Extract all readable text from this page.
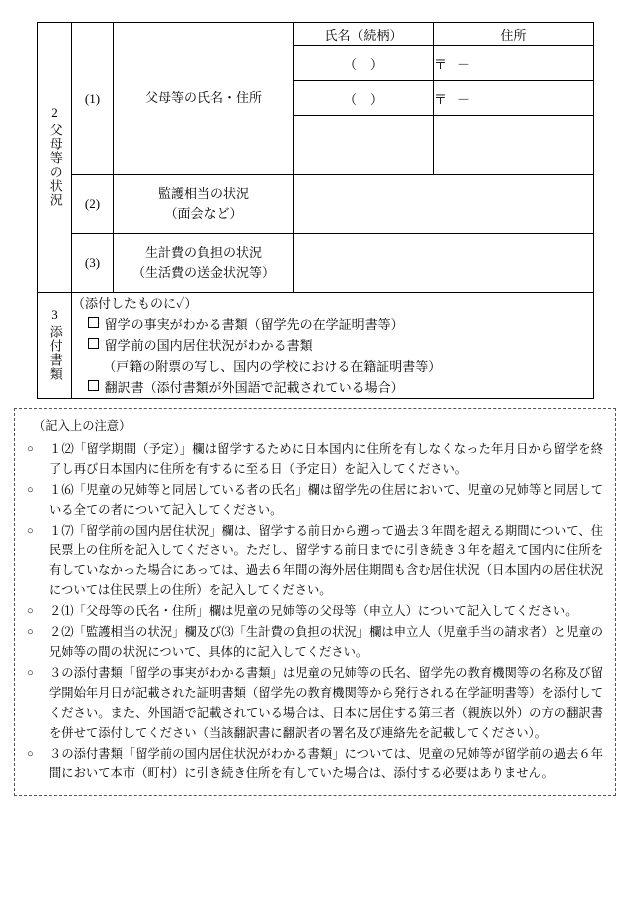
2
父母等の状況	(1)	父母等の氏名・住所	氏名（続柄）	住所
			（　）	〒－
			（　）	〒－

	(2)	監護相当の状況
（面会など）		

	(3)	生計費の負担の状況
（生活費の送金状況等）		

3
添付書類	
（添付したものに✓）
留学の事実がわかる書類（留学先の在学証明書等）
留学前の国内居住状況がわかる書類
（戸籍の附票の写し、国内の学校における在籍証明書等）
翻訳書（添付書類が外国語で記載されている場合）
（記入上の注意）
○	１⑵「留学期間（予定）」欄は留学するために日本国内に住所を有しなくなった年月日から留学を終了し再び日本国内に住所を有するに至る日（予定日）を記入してください。
○	１⑹「児童の兄姉等と同居している者の氏名」欄は留学先の住居において、児童の兄姉等と同居している全ての者について記入してください。
○	１⑺「留学前の国内居住状況」欄は、留学する前日から遡って過去３年間を超える期間について、住民票上の住所を記入してください。ただし、留学する前日までに引き続き３年を超えて国内に住所を有していなかった場合にあっては、過去６年間の海外居住期間も含む居住状況（日本国内の居住状況については住民票上の住所）を記入してください。
○	２⑴「父母等の氏名・住所」欄は児童の兄姉等の父母等（申立人）について記入してください。
○	２⑵「監護相当の状況」欄及び⑶「生計費の負担の状況」欄は申立人（児童手当の請求者）と児童の兄姉等の間の状況について、具体的に記入してください。
○	３の添付書類「留学の事実がわかる書類」は児童の兄姉等の氏名、留学先の教育機関等の名称及び留学開始年月日が記載された証明書類（留学先の教育機関等から発行される在学証明書等）を添付してください。また、外国語で記載されている場合は、日本に居住する第三者（親族以外）の方の翻訳書を併せて添付してください（当該翻訳書に翻訳者の署名及び連絡先を記載してください）。
○	３の添付書類「留学前の国内居住状況がわかる書類」については、児童の兄姉等が留学前の過去６年間において本市（町村）に引き続き住所を有していた場合は、添付する必要はありません。
